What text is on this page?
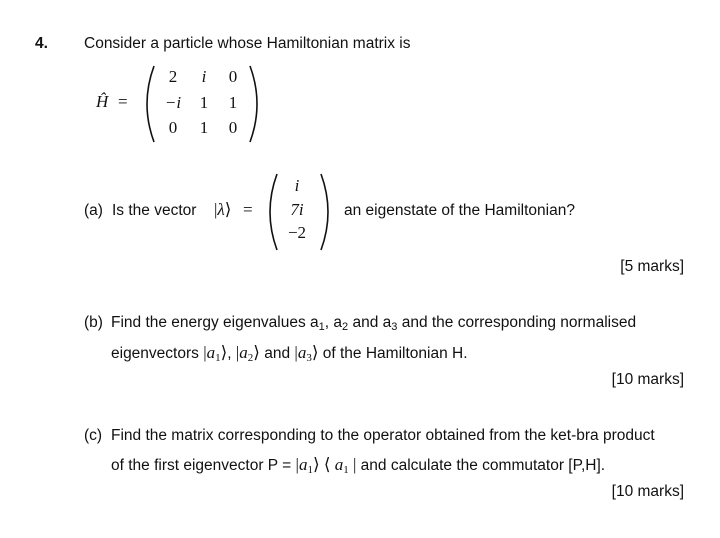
4. Consider a particle whose Hamiltonian matrix is
Ĥ =
2	i	0
−i	1	1
0	1	0
(a) Is the vector |λ⟩ =
i
7i
−2
an eigenstate of the Hamiltonian?
[5 marks]
(b) Find the energy eigenvalues $a_1$, $a_2$ and $a_3$ and the corresponding normalised
eigenvectors |a1⟩, |a2⟩ and |a3⟩ of the Hamiltonian H.
[10 marks]
(c) Find the matrix corresponding to the operator obtained from the ket-bra product
of the first eigenvector P = |a1⟩ ⟨ a1 | and calculate the commutator [P,H].
[10 marks]
